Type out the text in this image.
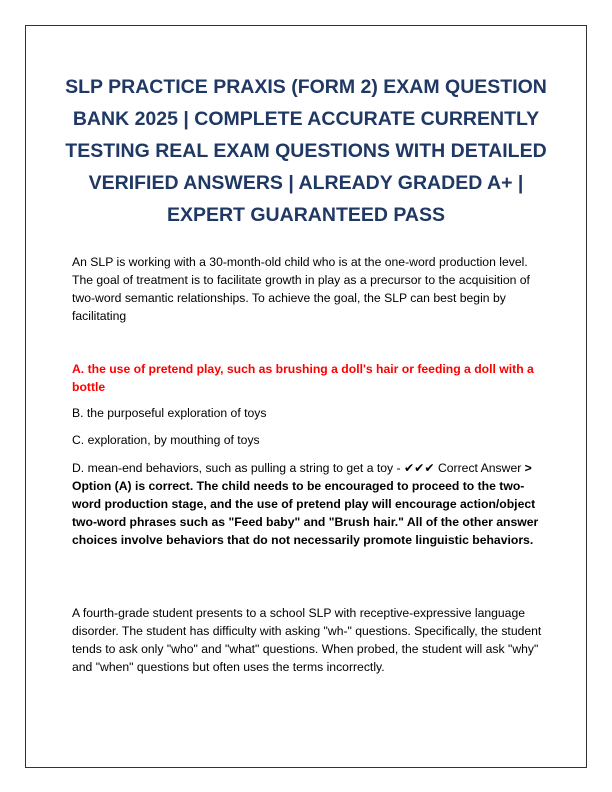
SLP PRACTICE PRAXIS (FORM 2) EXAM QUESTION BANK 2025 | COMPLETE ACCURATE CURRENTLY TESTING REAL EXAM QUESTIONS WITH DETAILED VERIFIED ANSWERS | ALREADY GRADED A+ | EXPERT GUARANTEED PASS

An SLP is working with a 30-month-old child who is at the one-word production level. The goal of treatment is to facilitate growth in play as a precursor to the acquisition of two-word semantic relationships. To achieve the goal, the SLP can best begin by facilitating

A. the use of pretend play, such as brushing a doll's hair or feeding a doll with a bottle

B. the purposeful exploration of toys

C. exploration, by mouthing of toys

D. mean-end behaviors, such as pulling a string to get a toy - ✔✔✔ Correct Answer > Option (A) is correct. The child needs to be encouraged to proceed to the two-word production stage, and the use of pretend play will encourage action/object two-word phrases such as "Feed baby" and "Brush hair." All of the other answer choices involve behaviors that do not necessarily promote linguistic behaviors.

A fourth-grade student presents to a school SLP with receptive-expressive language disorder. The student has difficulty with asking "wh-" questions. Specifically, the student tends to ask only "who" and "what" questions. When probed, the student will ask "why" and "when" questions but often uses the terms incorrectly.
